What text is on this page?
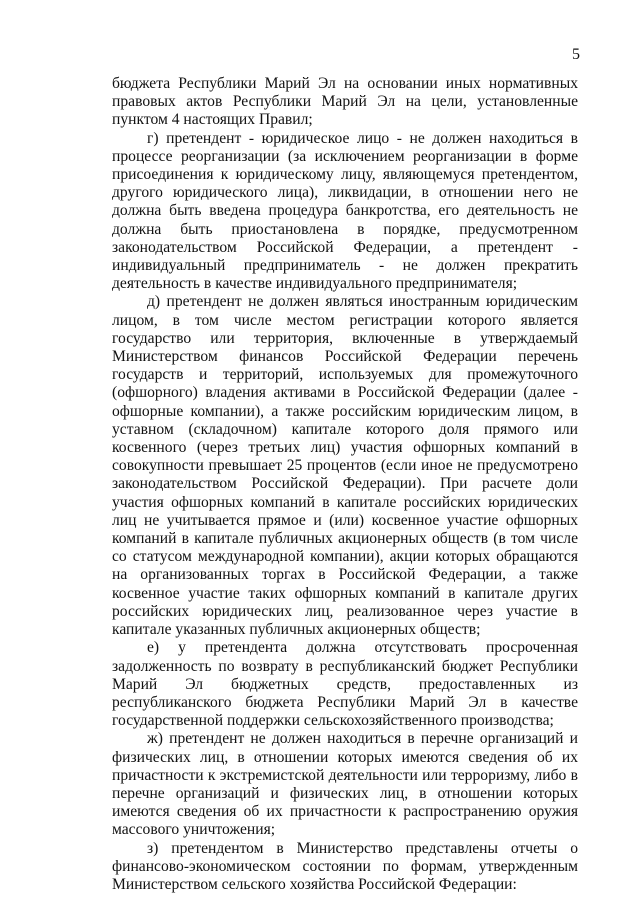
5

бюджета Республики Марий Эл на основании иных нормативных правовых актов Республики Марий Эл на цели, установленные пунктом 4 настоящих Правил;

г) претендент - юридическое лицо - не должен находиться в процессе реорганизации (за исключением реорганизации в форме присоединения к юридическому лицу, являющемуся претендентом, другого юридического лица), ликвидации, в отношении него не должна быть введена процедура банкротства, его деятельность не должна быть приостановлена в порядке, предусмотренном законодательством Российской Федерации, а претендент - индивидуальный предприниматель - не должен прекратить деятельность в качестве индивидуального предпринимателя;

д) претендент не должен являться иностранным юридическим лицом, в том числе местом регистрации которого является государство или территория, включенные в утверждаемый Министерством финансов Российской Федерации перечень государств и территорий, используемых для промежуточного (офшорного) владения активами в Российской Федерации (далее - офшорные компании), а также российским юридическим лицом, в уставном (складочном) капитале которого доля прямого или косвенного (через третьих лиц) участия офшорных компаний в совокупности превышает 25 процентов (если иное не предусмотрено законодательством Российской Федерации). При расчете доли участия офшорных компаний в капитале российских юридических лиц не учитывается прямое и (или) косвенное участие офшорных компаний в капитале публичных акционерных обществ (в том числе со статусом международной компании), акции которых обращаются на организованных торгах в Российской Федерации, а также косвенное участие таких офшорных компаний в капитале других российских юридических лиц, реализованное через участие в капитале указанных публичных акционерных обществ;

е) у претендента должна отсутствовать просроченная задолженность по возврату в республиканский бюджет Республики Марий Эл бюджетных средств, предоставленных из республиканского бюджета Республики Марий Эл в качестве государственной поддержки сельскохозяйственного производства;

ж) претендент не должен находиться в перечне организаций и физических лиц, в отношении которых имеются сведения об их причастности к экстремистской деятельности или терроризму, либо в перечне организаций и физических лиц, в отношении которых имеются сведения об их причастности к распространению оружия массового уничтожения;

з) претендентом в Министерство представлены отчеты о финансово-экономическом состоянии по формам, утвержденным Министерством сельского хозяйства Российской Федерации:
